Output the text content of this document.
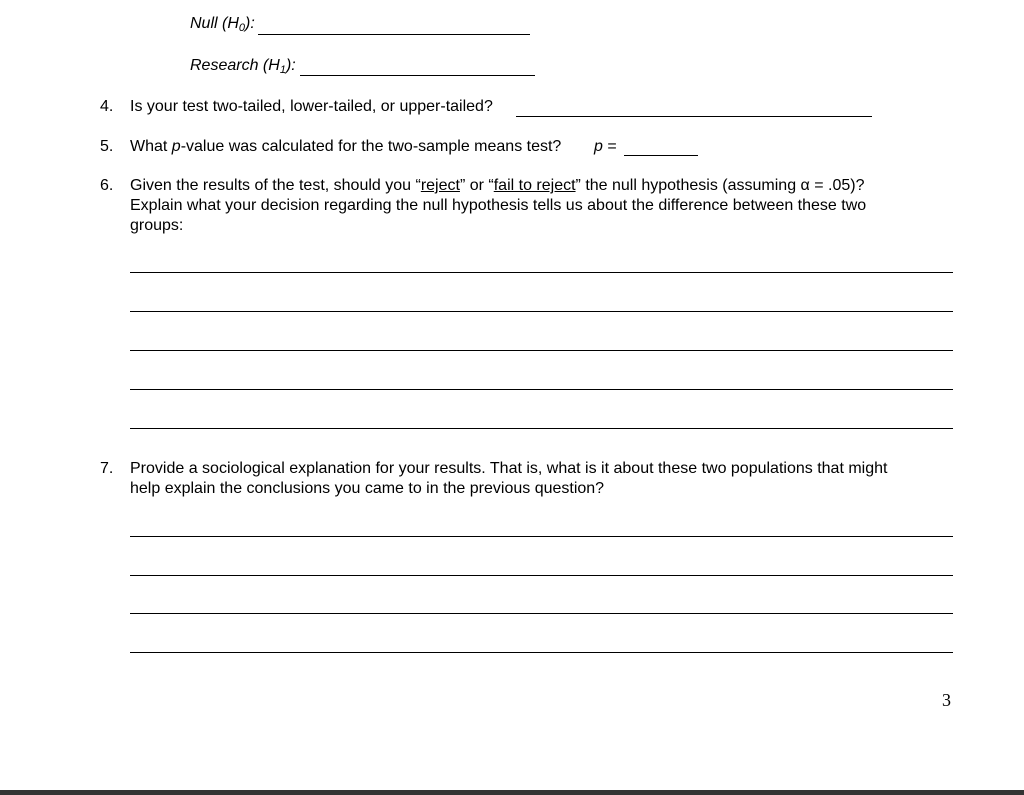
Null $(H_0)$:
Research $(H_1)$:
4. Is your test two-tailed, lower-tailed, or upper-tailed?
5. What p-value was calculated for the two-sample means test? p =
6. Given the results of the test, should you “reject” or “fail to reject” the null hypothesis (assuming α = .05)?
Explain what your decision regarding the null hypothesis tells us about the difference between these two
groups:
7. Provide a sociological explanation for your results. That is, what is it about these two populations that might
help explain the conclusions you came to in the previous question?
3
